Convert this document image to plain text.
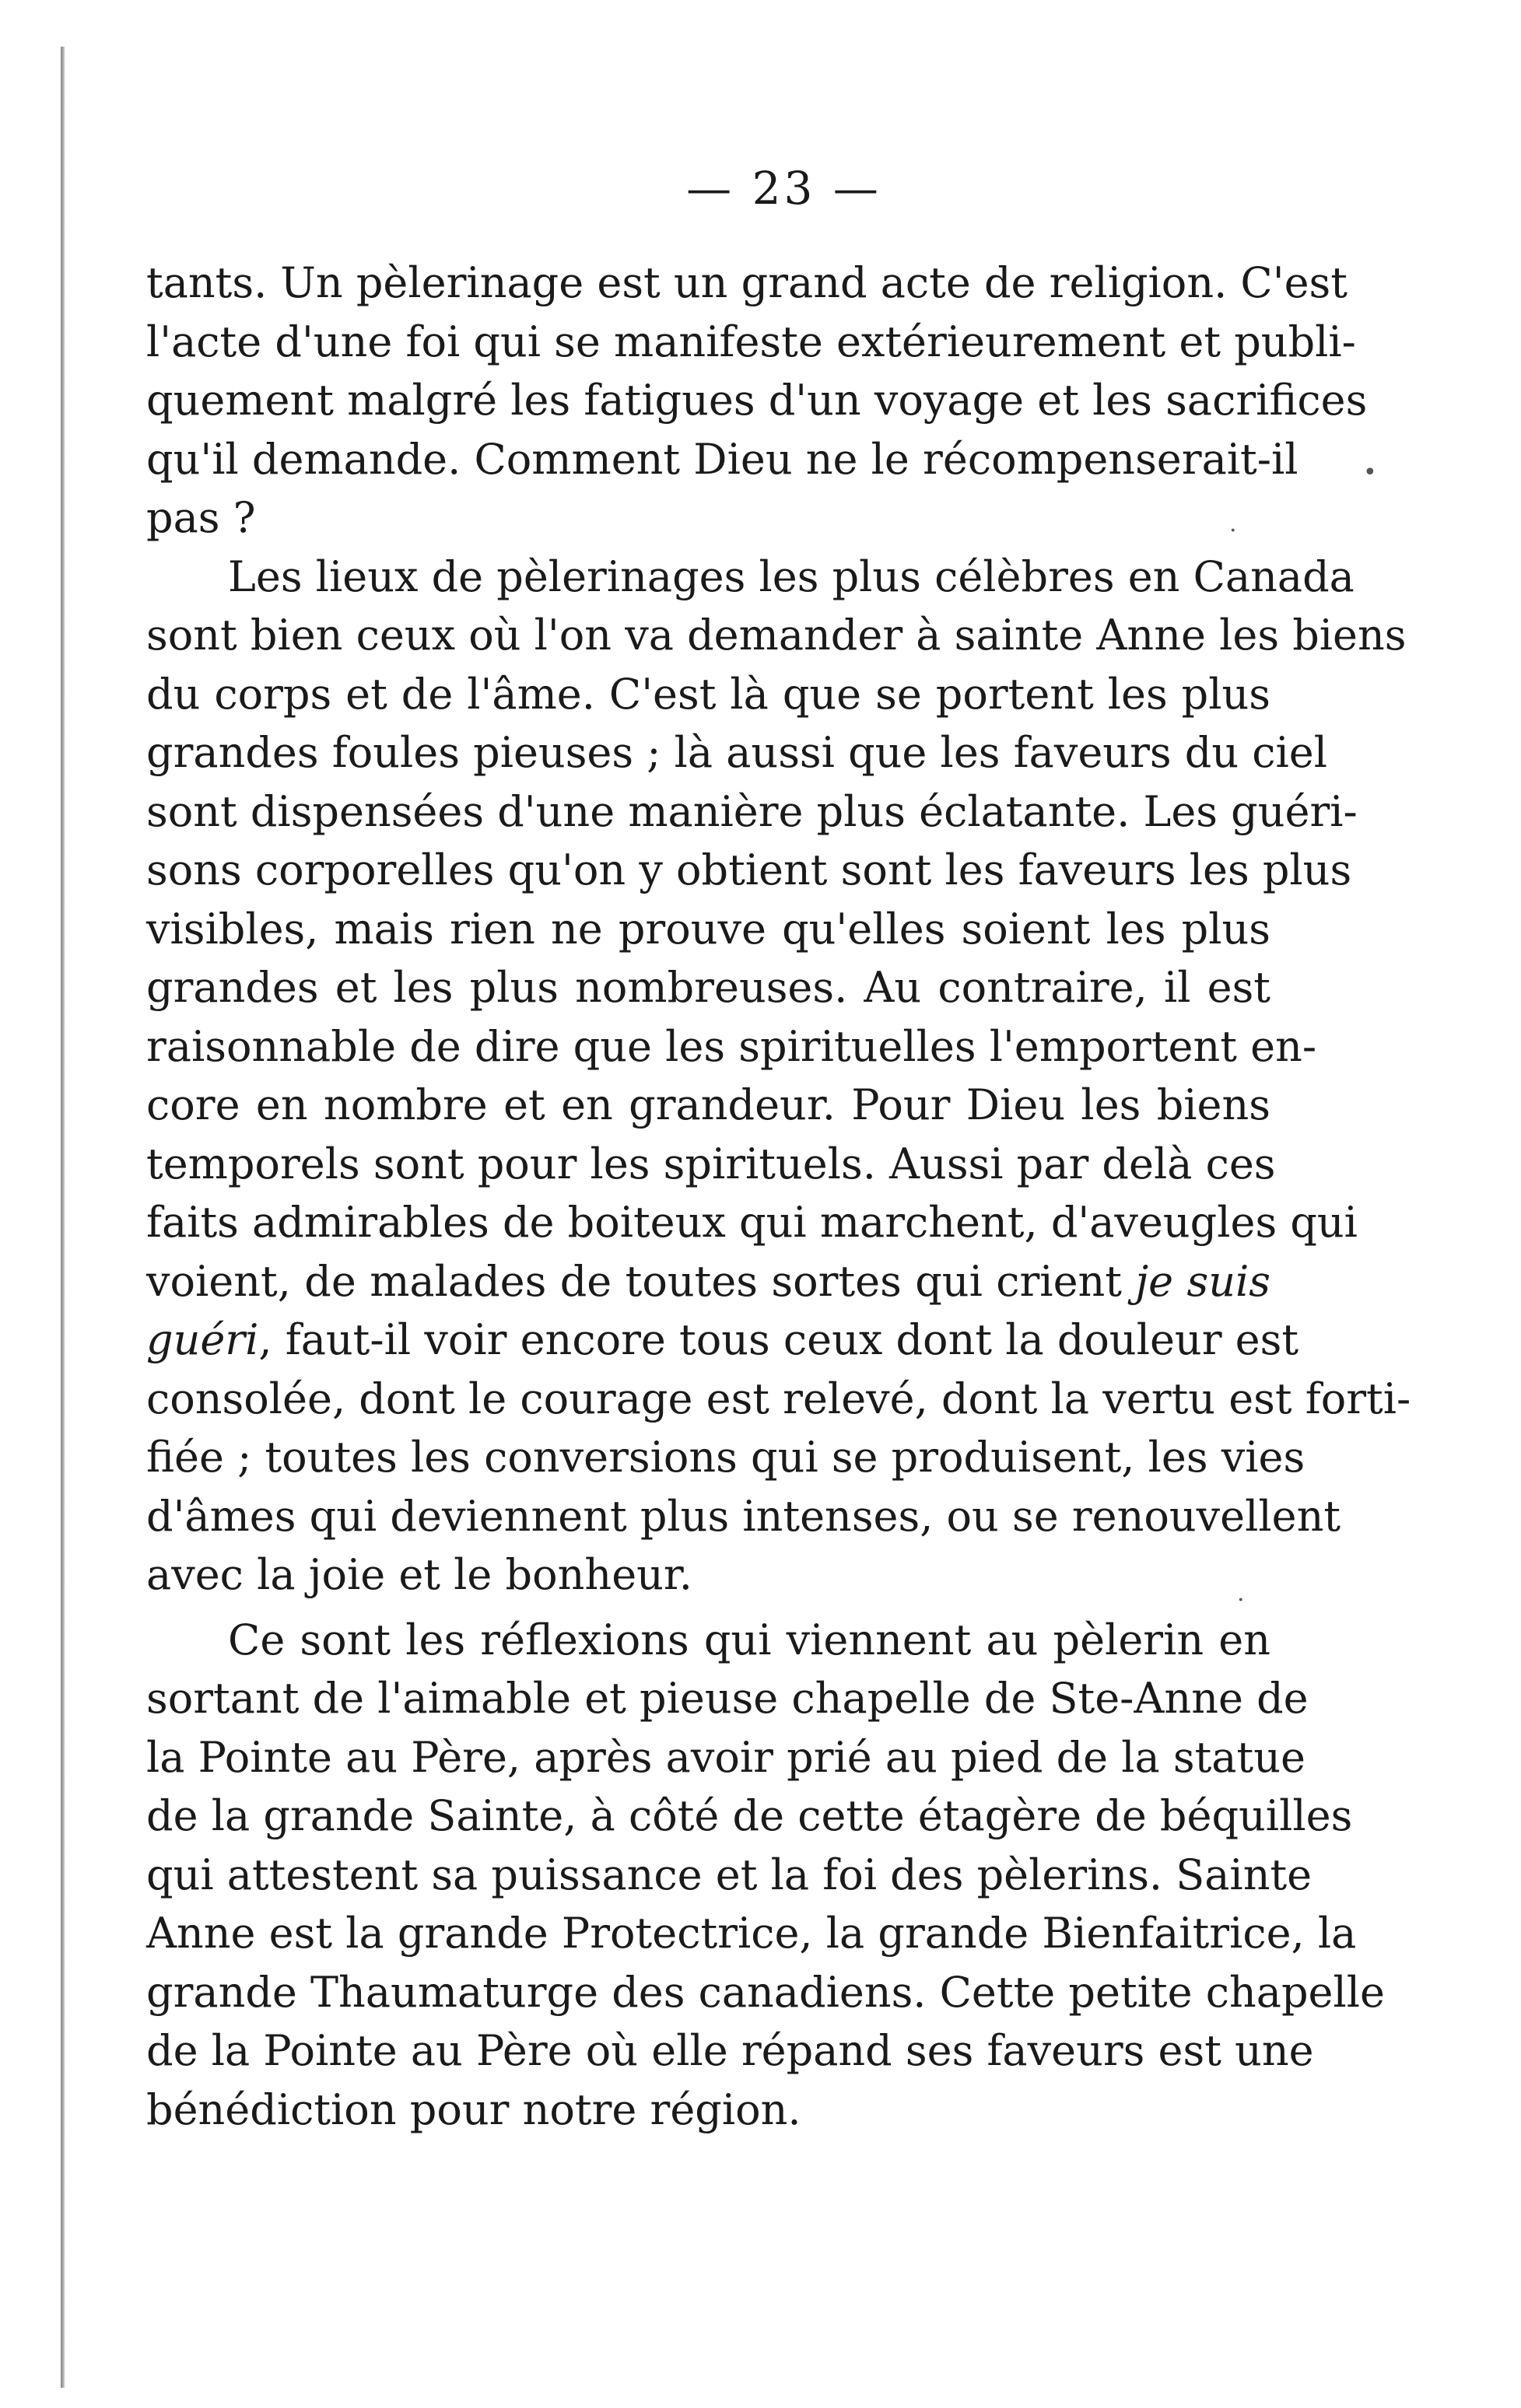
•
·
·
— 23 —
tants. Un pèlerinage est un grand acte de religion. C'est
l'acte d'une foi qui se manifeste extérieurement et publi-
quement malgré les fatigues d'un voyage et les sacrifices
qu'il demande. Comment Dieu ne le récompenserait-il
pas ?
Les lieux de pèlerinages les plus célèbres en Canada
sont bien ceux où l'on va demander à sainte Anne les biens
du corps et de l'âme. C'est là que se portent les plus
grandes foules pieuses ; là aussi que les faveurs du ciel
sont dispensées d'une manière plus éclatante. Les guéri-
sons corporelles qu'on y obtient sont les faveurs les plus
visibles, mais rien ne prouve qu'elles soient les plus
grandes et les plus nombreuses. Au contraire, il est
raisonnable de dire que les spirituelles l'emportent en-
core en nombre et en grandeur. Pour Dieu les biens
temporels sont pour les spirituels. Aussi par delà ces
faits admirables de boiteux qui marchent, d'aveugles qui
voient, de malades de toutes sortes qui crient je suis
guéri, faut-il voir encore tous ceux dont la douleur est
consolée, dont le courage est relevé, dont la vertu est forti-
fiée ; toutes les conversions qui se produisent, les vies
d'âmes qui deviennent plus intenses, ou se renouvellent
avec la joie et le bonheur.
Ce sont les réflexions qui viennent au pèlerin en
sortant de l'aimable et pieuse chapelle de Ste-Anne de
la Pointe au Père, après avoir prié au pied de la statue
de la grande Sainte, à côté de cette étagère de béquilles
qui attestent sa puissance et la foi des pèlerins. Sainte
Anne est la grande Protectrice, la grande Bienfaitrice, la
grande Thaumaturge des canadiens. Cette petite chapelle
de la Pointe au Père où elle répand ses faveurs est une
bénédiction pour notre région.
